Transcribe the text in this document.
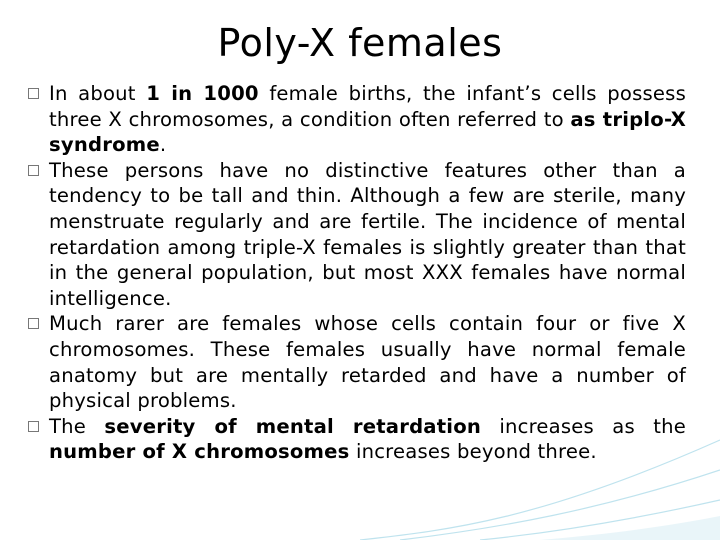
Poly-X females
In about 1 in 1000 female births, the infant’s cells possess three X chromosomes, a condition often referred to as triplo-X syndrome.
These persons have no distinctive features other than a tendency to be tall and thin. Although a few are sterile, many menstruate regularly and are fertile. The incidence of mental retardation among triple-X females is slightly greater than that in the general population, but most XXX females have normal intelligence.
Much rarer are females whose cells contain four or five X chromosomes. These females usually have normal female anatomy but are mentally retarded and have a number of physical problems.
The severity of mental retardation increases as the number of X chromosomes increases beyond three.
